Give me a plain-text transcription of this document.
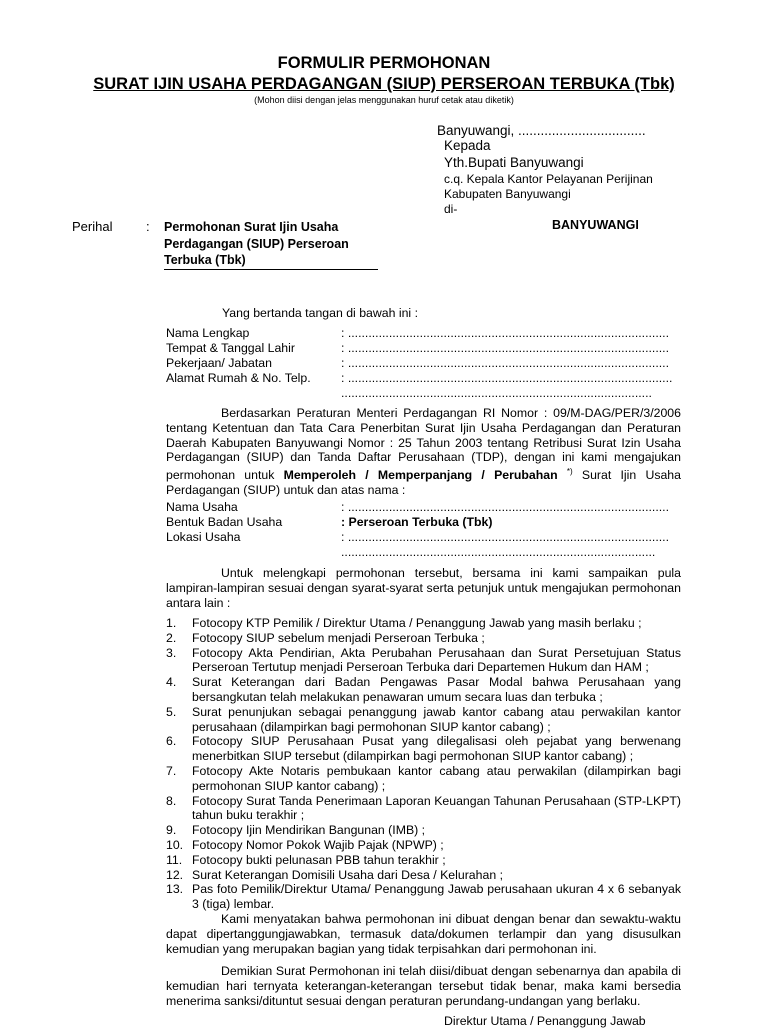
FORMULIR PERMOHONAN
SURAT IJIN USAHA PERDAGANGAN (SIUP) PERSEROAN TERBUKA (Tbk)
(Mohon diisi dengan jelas menggunakan huruf cetak atau diketik)
Banyuwangi, ..................................
Kepada
Yth.Bupati Banyuwangi
c.q. Kepala Kantor Pelayanan Perijinan
Kabupaten Banyuwangi
di-
BANYUWANGI
Perihal	: Permohonan Surat Ijin Usaha
Perdagangan (SIUP) Perseroan
Terbuka (Tbk)
Yang bertanda tangan di bawah ini :
Nama Lengkap	: ..............................................................................................
Tempat & Tanggal Lahir	: ..............................................................................................
Pekerjaan/ Jabatan	: ..............................................................................................
Alamat Rumah & No. Telp. : ...............................................................................................
...........................................................................................
Berdasarkan Peraturan Menteri Perdagangan RI Nomor : 09/M-DAG/PER/3/2006 tentang Ketentuan dan Tata Cara Penerbitan Surat Ijin Usaha Perdagangan dan Peraturan Daerah Kabupaten Banyuwangi Nomor : 25 Tahun 2003 tentang Retribusi Surat Izin Usaha Perdagangan (SIUP) dan Tanda Daftar Perusahaan (TDP), dengan ini kami mengajukan permohonan untuk Memperoleh / Memperpanjang / Perubahan *) Surat Ijin Usaha Perdagangan (SIUP) untuk dan atas nama :
Nama Usaha	: ..............................................................................................
Bentuk Badan Usaha	: Perseroan Terbuka (Tbk)
Lokasi Usaha	: ..............................................................................................
............................................................................................
Untuk melengkapi permohonan tersebut, bersama ini kami sampaikan pula lampiran-lampiran sesuai dengan syarat-syarat serta petunjuk untuk mengajukan permohonan antara lain :
1. Fotocopy KTP Pemilik / Direktur Utama / Penanggung Jawab yang masih berlaku ;
2. Fotocopy SIUP sebelum menjadi Perseroan Terbuka ;
3. Fotocopy Akta Pendirian, Akta Perubahan Perusahaan dan Surat Persetujuan Status Perseroan Tertutup menjadi Perseroan Terbuka dari Departemen Hukum dan HAM ;
4. Surat Keterangan dari Badan Pengawas Pasar Modal bahwa Perusahaan yang bersangkutan telah melakukan penawaran umum secara luas dan terbuka ;
5. Surat penunjukan sebagai penanggung jawab kantor cabang atau perwakilan kantor perusahaan (dilampirkan bagi permohonan SIUP kantor cabang) ;
6. Fotocopy SIUP Perusahaan Pusat yang dilegalisasi oleh pejabat yang berwenang menerbitkan SIUP tersebut (dilampirkan bagi permohonan SIUP kantor cabang) ;
7. Fotocopy Akte Notaris pembukaan kantor cabang atau perwakilan (dilampirkan bagi permohonan SIUP kantor cabang) ;
8. Fotocopy Surat Tanda Penerimaan Laporan Keuangan Tahunan Perusahaan (STP-LKPT) tahun buku terakhir ;
9. Fotocopy Ijin Mendirikan Bangunan (IMB) ;
10. Fotocopy Nomor Pokok Wajib Pajak (NPWP) ;
11. Fotocopy bukti pelunasan PBB tahun terakhir ;
12. Surat Keterangan Domisili Usaha dari Desa / Kelurahan ;
13. Pas foto Pemilik/Direktur Utama/ Penanggung Jawab perusahaan ukuran 4 x 6 sebanyak 3 (tiga) lembar.
Kami menyatakan bahwa permohonan ini dibuat dengan benar dan sewaktu-waktu dapat dipertanggungjawabkan, termasuk data/dokumen terlampir dan yang disusulkan kemudian yang merupakan bagian yang tidak terpisahkan dari permohonan ini.
Demikian Surat Permohonan ini telah diisi/dibuat dengan sebenarnya dan apabila di kemudian hari ternyata keterangan-keterangan tersebut tidak benar, maka kami bersedia menerima sanksi/dituntut sesuai dengan peraturan perundang-undangan yang berlaku.
Direktur Utama / Penanggung Jawab
